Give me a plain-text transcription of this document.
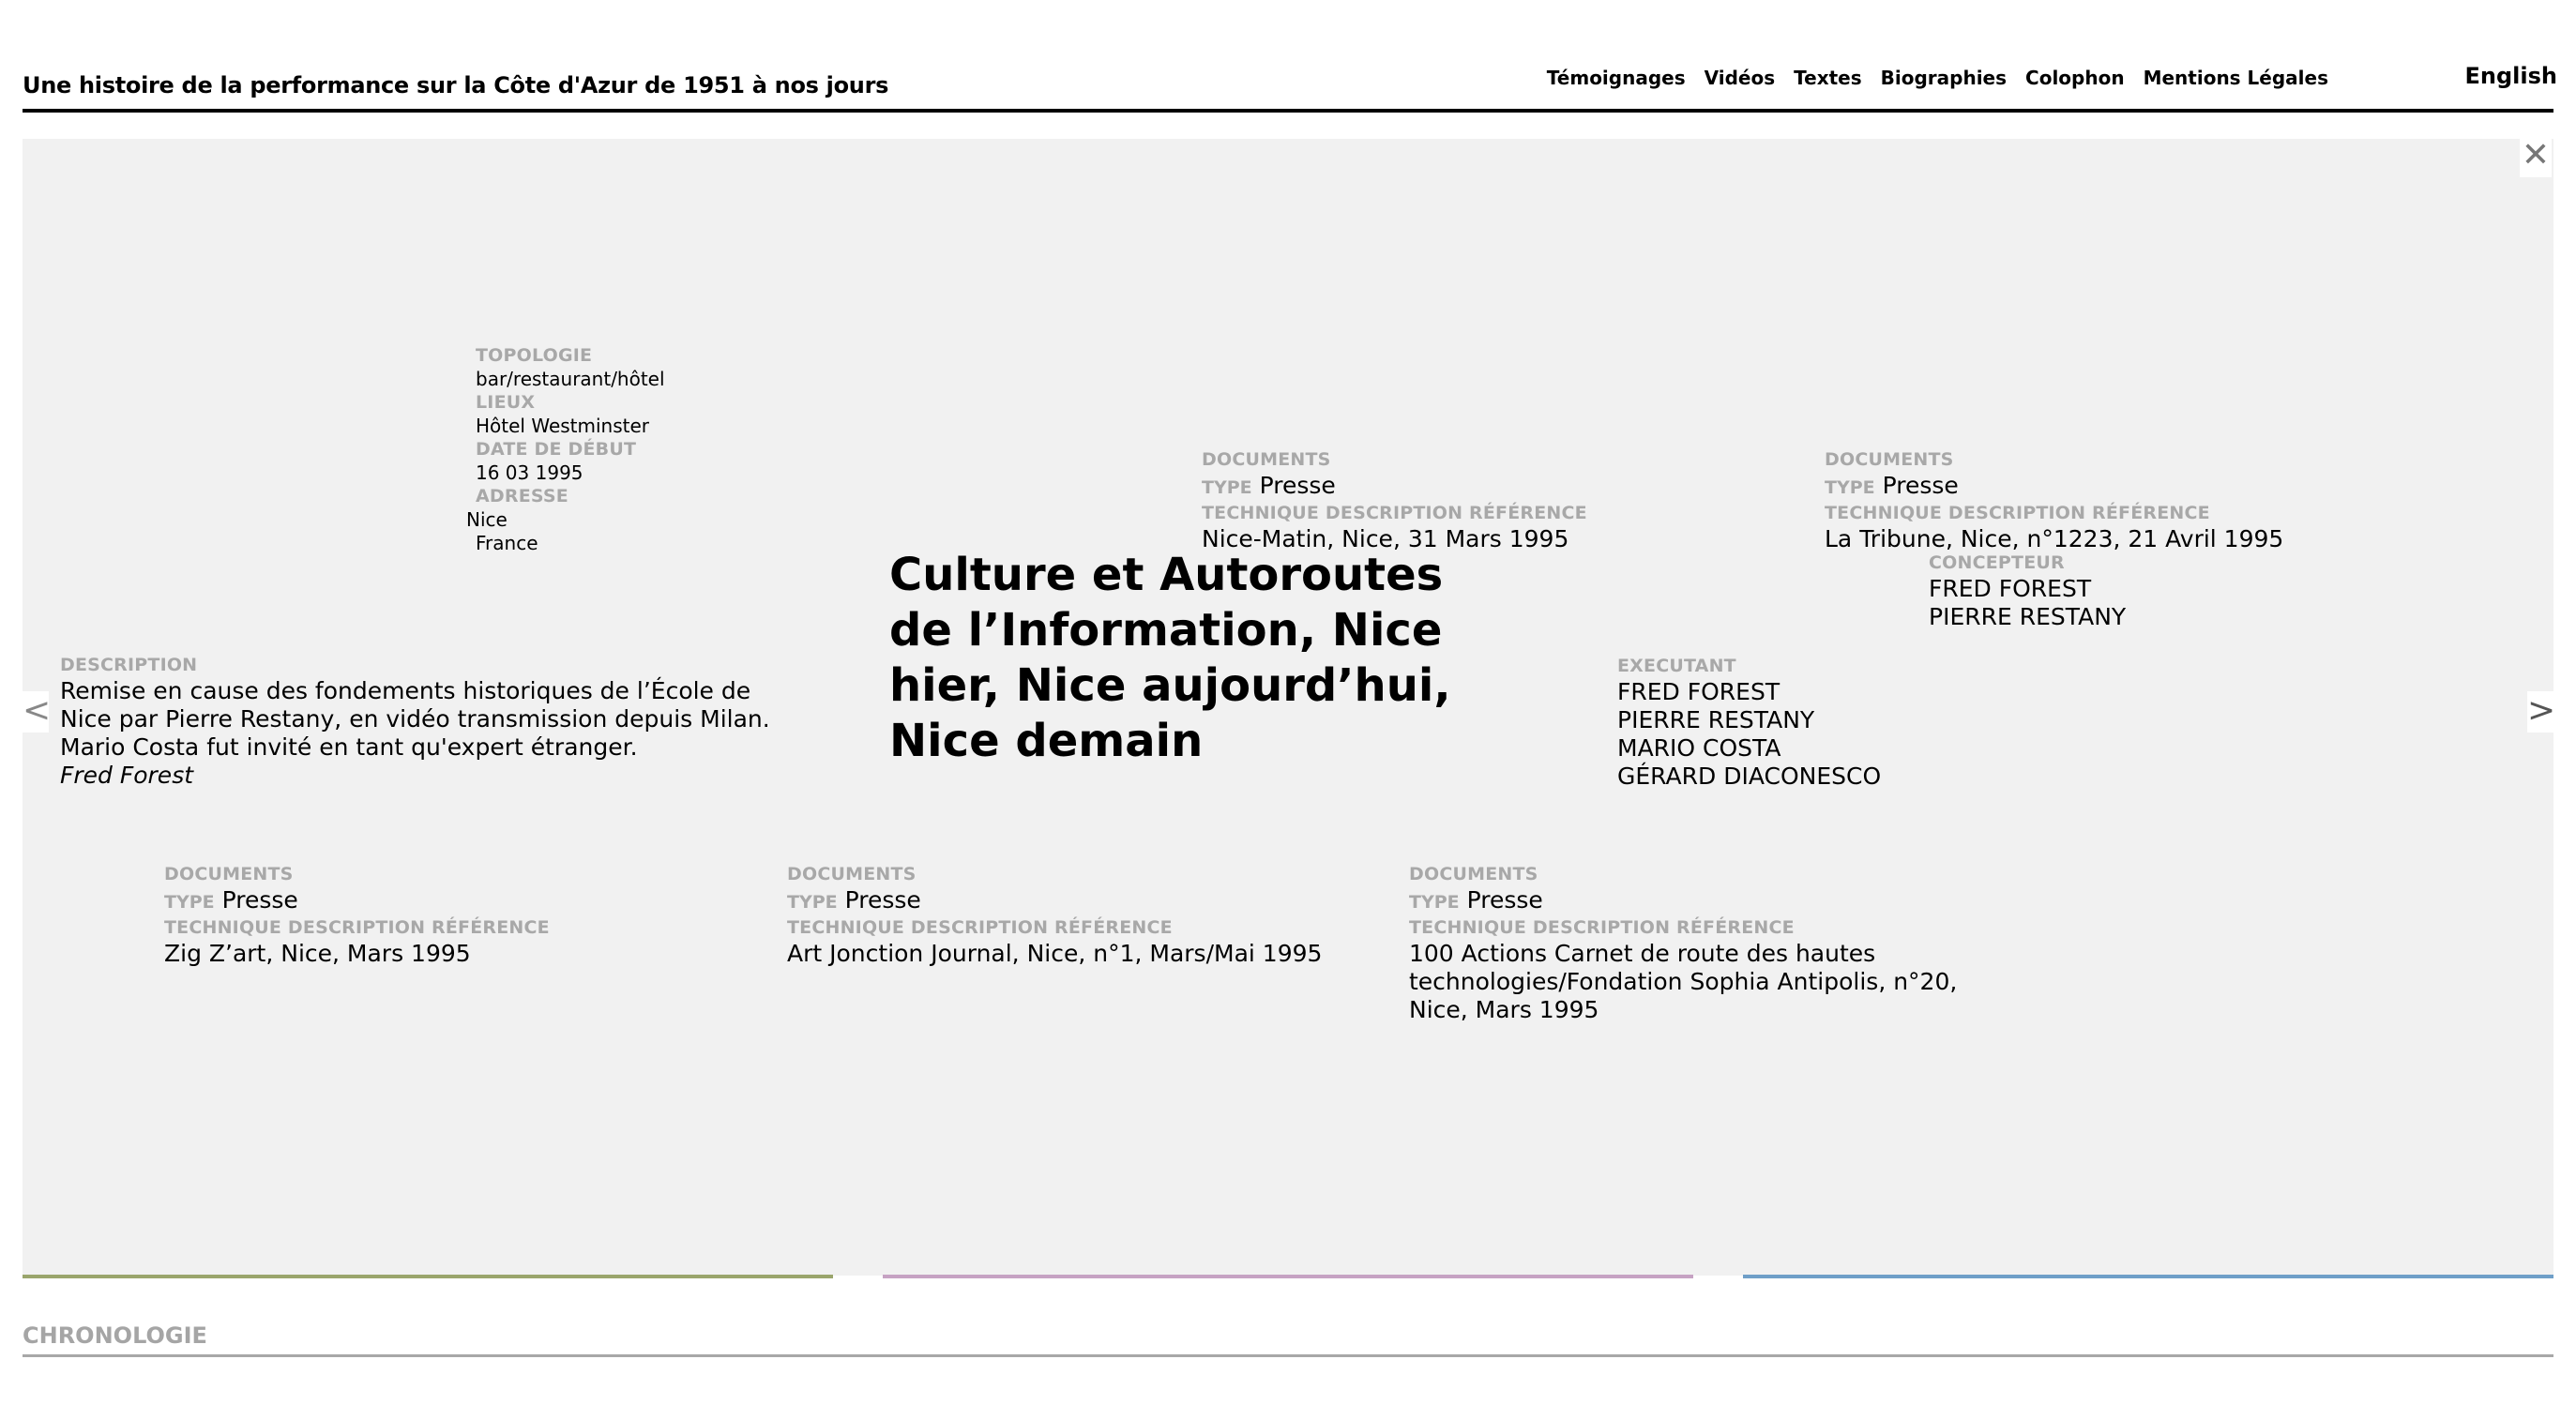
Une histoire de la performance sur la Côte d'Azur de 1951 à nos jours	Témoignages Vidéos Textes Biographies Colophon Mentions Légales	English
✕
<	>
TOPOLOGIE
bar/restaurant/hôtel
LIEUX
Hôtel Westminster
DATE DE DÉBUT
16 03 1995
ADRESSE
Nice
France
DESCRIPTION
Remise en cause des fondements historiques de l’École de Nice par Pierre Restany, en vidéo transmission depuis Milan. Mario Costa fut invité en tant qu'expert étranger.
Fred Forest
Culture et Autoroutes de l’Information, Nice hier, Nice aujourd’hui, Nice demain
DOCUMENTS
TYPE Presse
TECHNIQUE DESCRIPTION RÉFÉRENCE
Nice-Matin, Nice, 31 Mars 1995
DOCUMENTS
TYPE Presse
TECHNIQUE DESCRIPTION RÉFÉRENCE
La Tribune, Nice, n°1223, 21 Avril 1995
CONCEPTEUR
FRED FOREST
PIERRE RESTANY
EXECUTANT
FRED FOREST
PIERRE RESTANY
MARIO COSTA
GÉRARD DIACONESCO
DOCUMENTS
TYPE Presse
TECHNIQUE DESCRIPTION RÉFÉRENCE
Zig Z’art, Nice, Mars 1995
DOCUMENTS
TYPE Presse
TECHNIQUE DESCRIPTION RÉFÉRENCE
Art Jonction Journal, Nice, n°1, Mars/Mai 1995
DOCUMENTS
TYPE Presse
TECHNIQUE DESCRIPTION RÉFÉRENCE
100 Actions Carnet de route des hautes technologies/Fondation Sophia Antipolis, n°20, Nice, Mars 1995
CHRONOLOGIE
